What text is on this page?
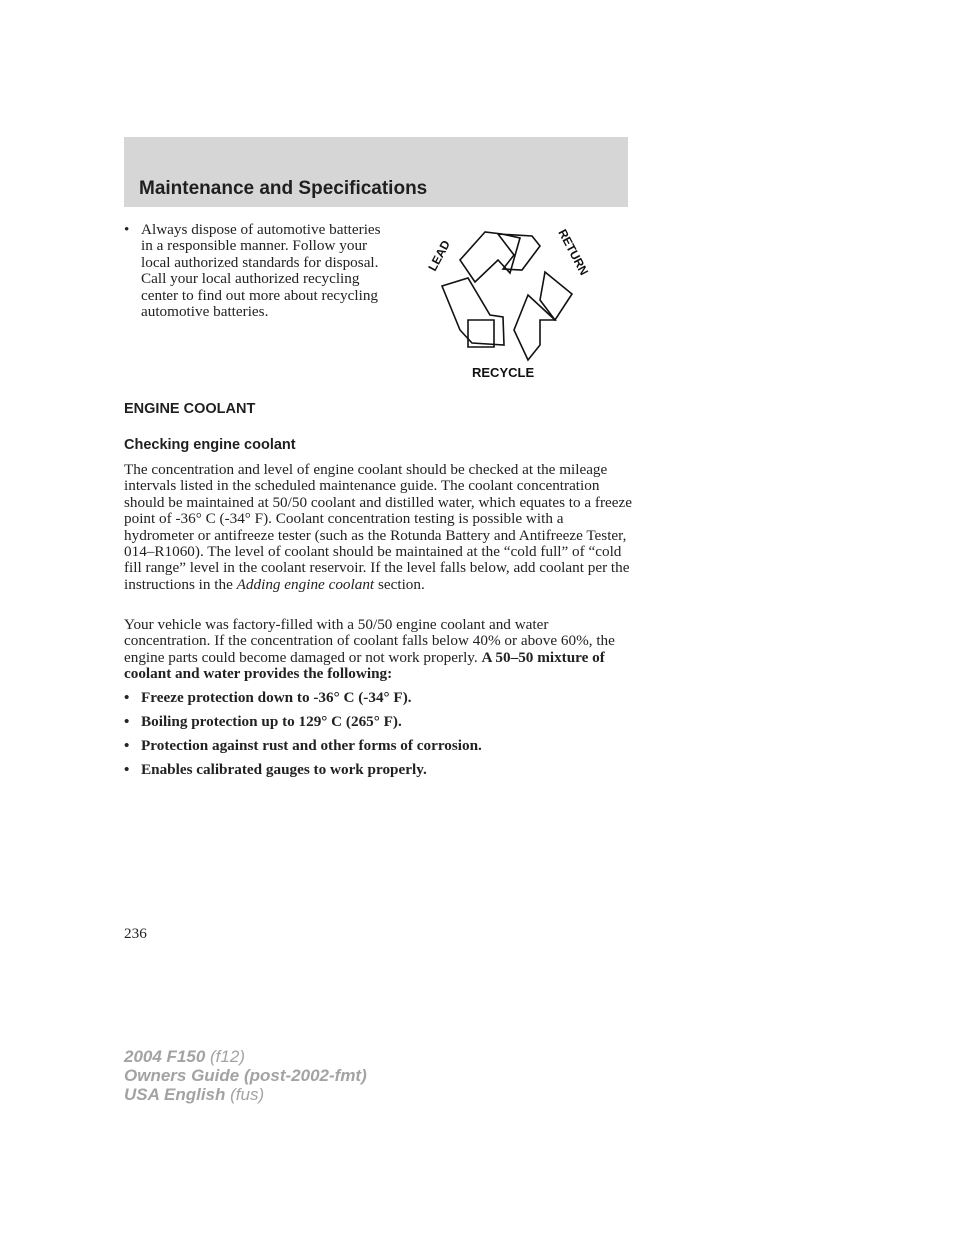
Maintenance and Specifications
• Always dispose of automotive batteries in a responsible manner. Follow your local authorized standards for disposal. Call your local authorized recycling center to find out more about recycling automotive batteries.
LEAD	RETURN
RECYCLE
ENGINE COOLANT
Checking engine coolant

The concentration and level of engine coolant should be checked at the mileage intervals listed in the scheduled maintenance guide. The coolant concentration should be maintained at 50/50 coolant and distilled water, which equates to a freeze point of -36° C (-34° F). Coolant concentration testing is possible with a hydrometer or antifreeze tester (such as the Rotunda Battery and Antifreeze Tester, 014–R1060). The level of coolant should be maintained at the “cold full” of “cold fill range” level in the coolant reservoir. If the level falls below, add coolant per the instructions in the Adding engine coolant section.

Your vehicle was factory-filled with a 50/50 engine coolant and water concentration. If the concentration of coolant falls below 40% or above 60%, the engine parts could become damaged or not work properly. A 50–50 mixture of coolant and water provides the following:

• Freeze protection down to -36° C (-34° F).
• Boiling protection up to 129° C (265° F).
• Protection against rust and other forms of corrosion.
• Enables calibrated gauges to work properly.
236
2004 F150 (f12)
Owners Guide (post-2002-fmt)
USA English (fus)
